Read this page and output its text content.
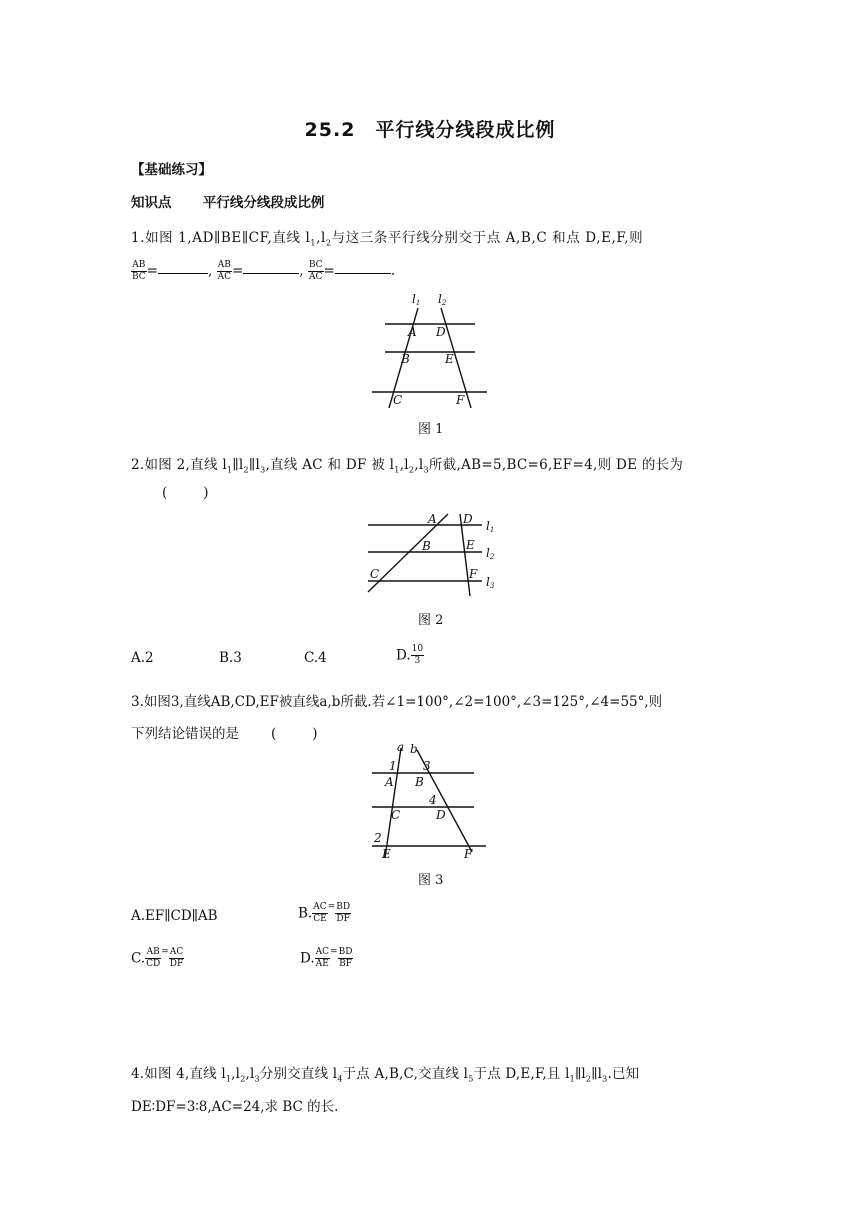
25.2　平行线分线段成比例
【基础练习】
知识点 平行线分线段成比例
1.如图 1,AD∥BE∥CF,直线 $l_1,l_2$与这三条平行线分别交于点 A,B,C 和点 D,E,F,则
$\frac{AB}{BC}$ =	, $\frac{AB}{AC}$ =	, $\frac{BC}{AC}$ =	.
l1 l2
A D
B	E
C	F
图 1
2.如图 2,直线 $l_1\parallel l_2\parallel l_3$,直线 AC 和 DF 被 $l_1,l_2,l_3$所截,AB=5,BC=6,EF=4,则 DE 的长为
(	)
A
B
C
D
E
F
l1
l2
l3
图 2
A.2	B.3	C.4	D. $\frac{10}{3}$
3.如图3,直线AB,CD,EF被直线a,b所截.若∠1=100°,∠2=100°,∠3=125°,∠4=55°,则
下列结论错误的是 (	)
a b
1 3
4
2
A B
C	D
E	F
图 3
A.EF∥CD∥AB	B. $\frac{AC}{CE} = \frac{BD}{DF}$
C. $\frac{AB}{CD} = \frac{AC}{DF}$	D. $\frac{AC}{AE} = \frac{BD}{BF}$
4.如图 4,直线 $l_1,l_2,l_3$分别交直线 $l_4$于点 A,B,C,交直线 $l_5$于点 D,E,F,且 $l_1\parallel l_2\parallel l_3$.已知
DE∶DF=3∶8,AC=24,求 BC 的长.
